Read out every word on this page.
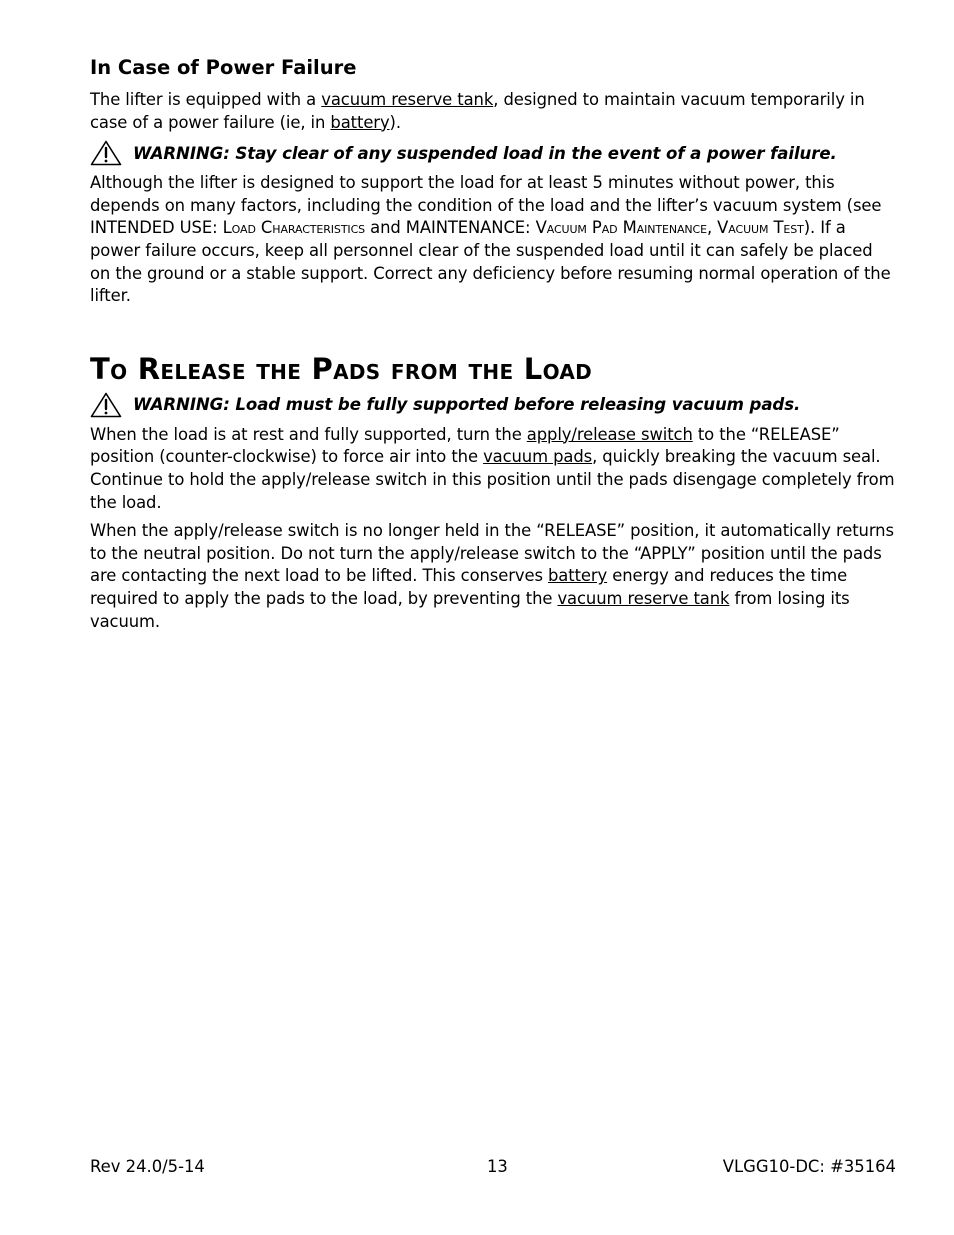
In Case of Power Failure

The lifter is equipped with a vacuum reserve tank, designed to maintain vacuum temporarily in case of a power failure (ie, in battery).

WARNING: Stay clear of any suspended load in the event of a power failure.

Although the lifter is designed to support the load for at least 5 minutes without power, this depends on many factors, including the condition of the load and the lifter’s vacuum system (see INTENDED USE: Load Characteristics and MAINTENANCE: Vacuum Pad Maintenance, Vacuum Test). If a power failure occurs, keep all personnel clear of the suspended load until it can safely be placed on the ground or a stable support. Correct any deficiency before resuming normal operation of the lifter.

To Release the Pads from the Load
WARNING: Load must be fully supported before releasing vacuum pads.

When the load is at rest and fully supported, turn the apply/release switch to the “RELEASE” position (counter-clockwise) to force air into the vacuum pads, quickly breaking the vacuum seal. Continue to hold the apply/release switch in this position until the pads disengage completely from the load.

When the apply/release switch is no longer held in the “RELEASE” position, it automatically returns to the neutral position. Do not turn the apply/release switch to the “APPLY” position until the pads are contacting the next load to be lifted. This conserves battery energy and reduces the time required to apply the pads to the load, by preventing the vacuum reserve tank from losing its vacuum.

Rev 24.0/5-14	13	VLGG10-DC: #35164
